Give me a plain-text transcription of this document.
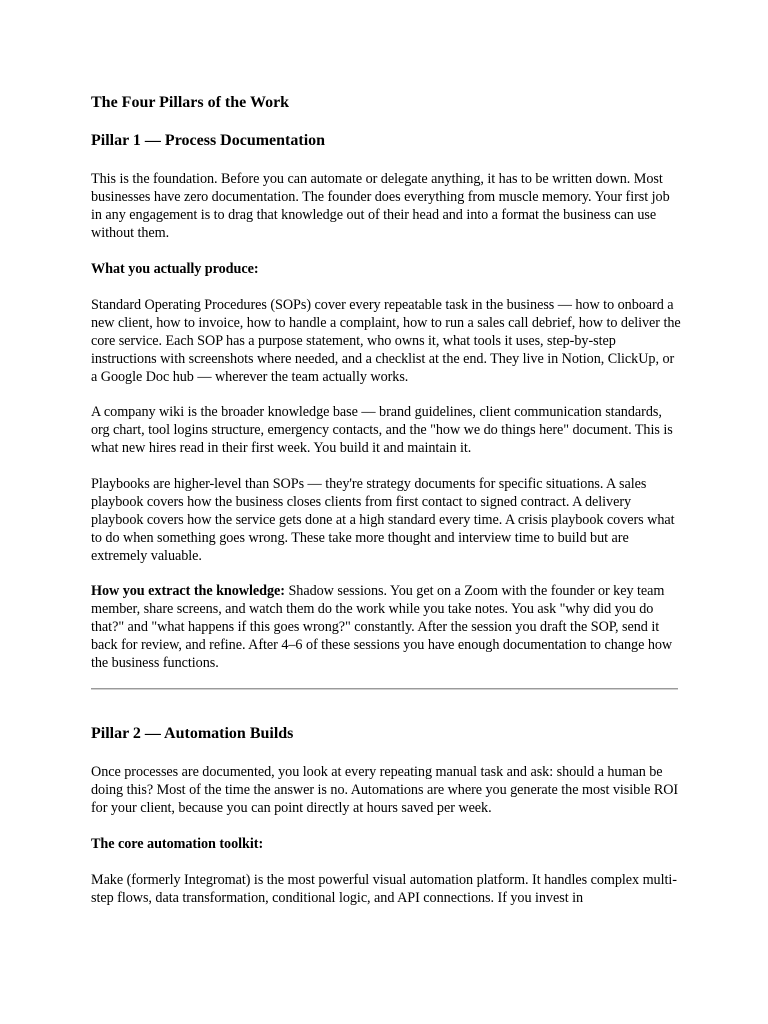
The Four Pillars of the Work
Pillar 1 — Process Documentation

This is the foundation. Before you can automate or delegate anything, it has to be written down. Most businesses have zero documentation. The founder does everything from muscle memory. Your first job in any engagement is to drag that knowledge out of their head and into a format the business can use without them.

What you actually produce:

Standard Operating Procedures (SOPs) cover every repeatable task in the business — how to onboard a new client, how to invoice, how to handle a complaint, how to run a sales call debrief, how to deliver the core service. Each SOP has a purpose statement, who owns it, what tools it uses, step-by-step instructions with screenshots where needed, and a checklist at the end. They live in Notion, ClickUp, or a Google Doc hub — wherever the team actually works.

A company wiki is the broader knowledge base — brand guidelines, client communication standards, org chart, tool logins structure, emergency contacts, and the "how we do things here" document. This is what new hires read in their first week. You build it and maintain it.

Playbooks are higher-level than SOPs — they're strategy documents for specific situations. A sales playbook covers how the business closes clients from first contact to signed contract. A delivery playbook covers how the service gets done at a high standard every time. A crisis playbook covers what to do when something goes wrong. These take more thought and interview time to build but are extremely valuable.

How you extract the knowledge: Shadow sessions. You get on a Zoom with the founder or key team member, share screens, and watch them do the work while you take notes. You ask "why did you do that?" and "what happens if this goes wrong?" constantly. After the session you draft the SOP, send it back for review, and refine. After 4–6 of these sessions you have enough documentation to change how the business functions.

Pillar 2 — Automation Builds

Once processes are documented, you look at every repeating manual task and ask: should a human be doing this? Most of the time the answer is no. Automations are where you generate the most visible ROI for your client, because you can point directly at hours saved per week.

The core automation toolkit:

Make (formerly Integromat) is the most powerful visual automation platform. It handles complex multi-step flows, data transformation, conditional logic, and API connections. If you invest in
